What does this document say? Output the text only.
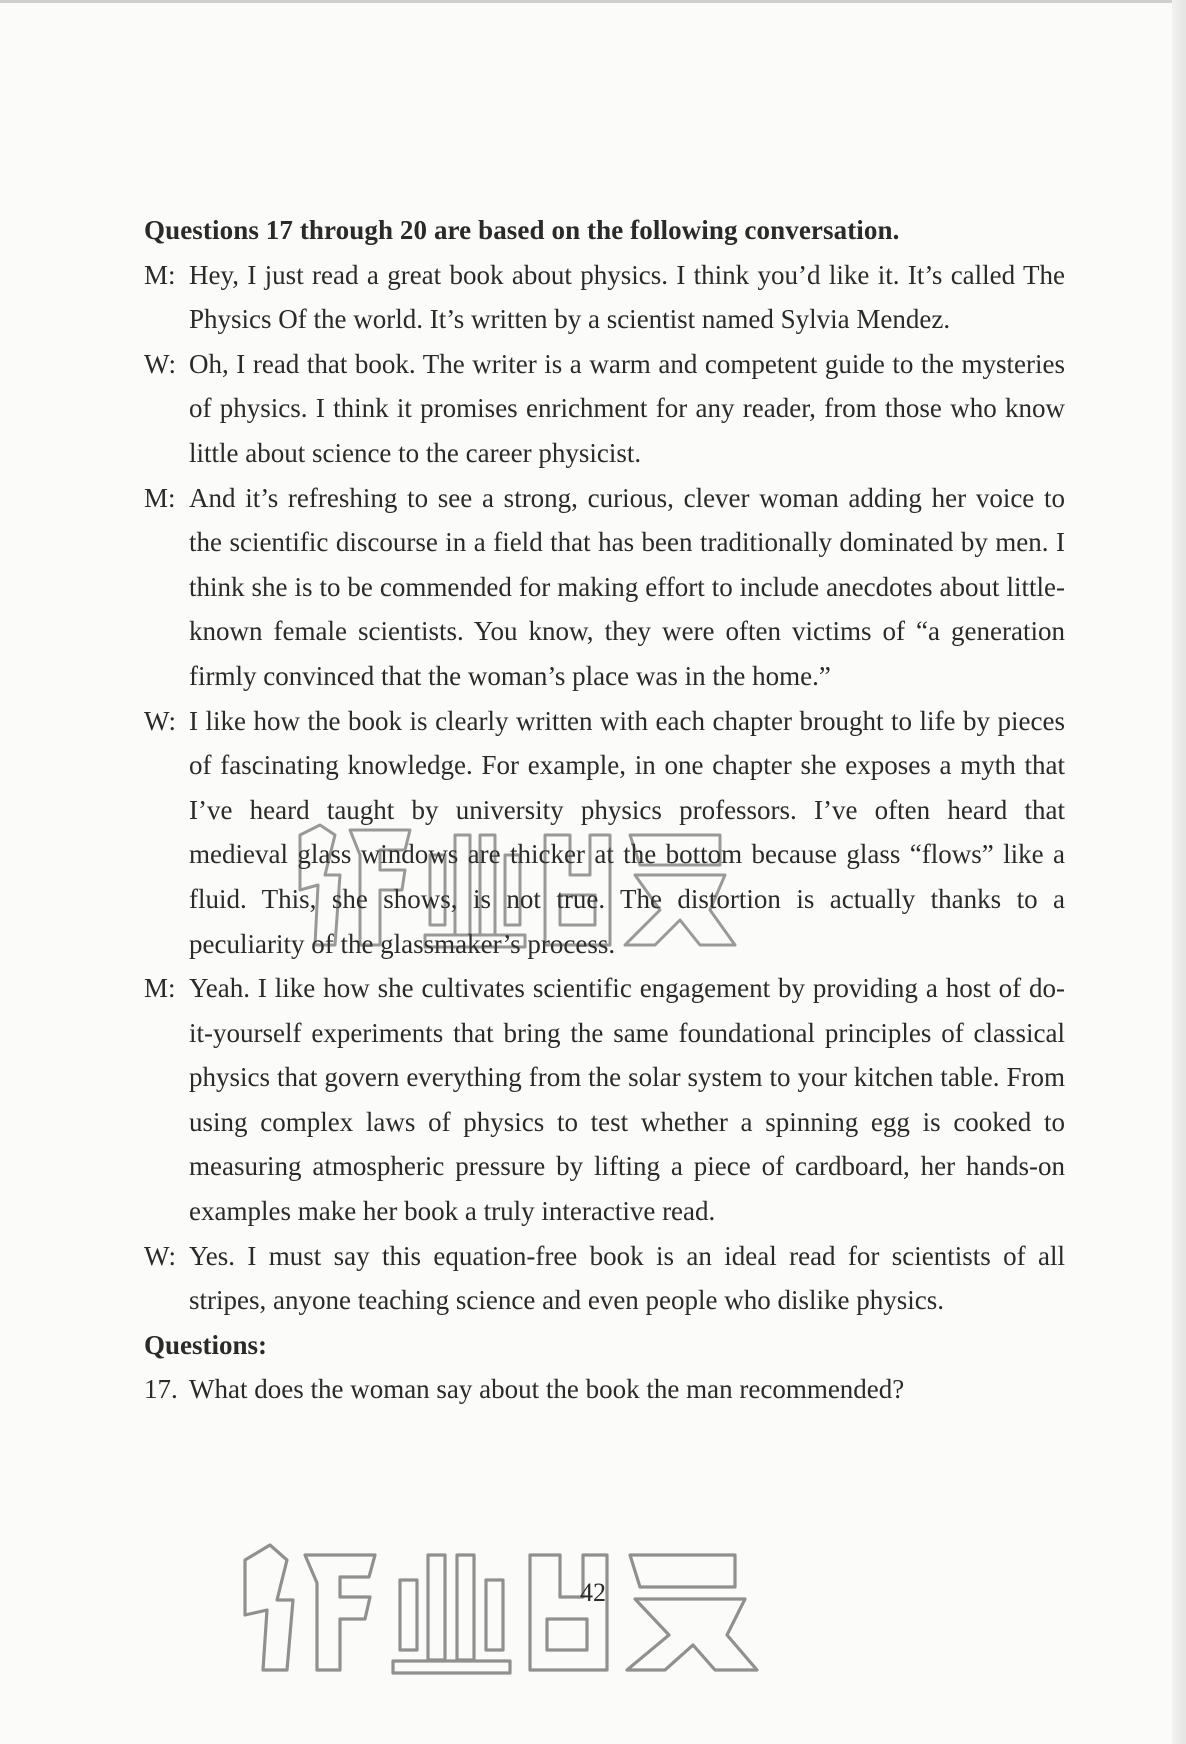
Questions 17 through 20 are based on the following conversation.

M: Hey, I just read a great book about physics. I think you’d like it. It’s called The Physics Of the world. It’s written by a scientist named Sylvia Mendez.

W: Oh, I read that book. The writer is a warm and competent guide to the mysteries of physics. I think it promises enrichment for any reader, from those who know little about science to the career physicist.

M: And it’s refreshing to see a strong, curious, clever woman adding her voice to the scientific discourse in a field that has been traditionally dominated by men. I think she is to be commended for making effort to include anecdotes about little-known female scientists. You know, they were often victims of “a generation firmly convinced that the woman’s place was in the home.”

W: I like how the book is clearly written with each chapter brought to life by pieces of fascinating knowledge. For example, in one chapter she exposes a myth that I’ve heard taught by university physics professors. I’ve often heard that medieval glass windows are thicker at the bottom because glass “flows” like a fluid. This, she shows, is not true. The distortion is actually thanks to a peculiarity of the glassmaker’s process.

M: Yeah. I like how she cultivates scientific engagement by providing a host of do-it-yourself experiments that bring the same foundational principles of classical physics that govern everything from the solar system to your kitchen table. From using complex laws of physics to test whether a spinning egg is cooked to measuring atmospheric pressure by lifting a piece of cardboard, her hands-on examples make her book a truly interactive read.

W: Yes. I must say this equation-free book is an ideal read for scientists of all stripes, anyone teaching science and even people who dislike physics.

Questions:

17. What does the woman say about the book the man recommended?
42
